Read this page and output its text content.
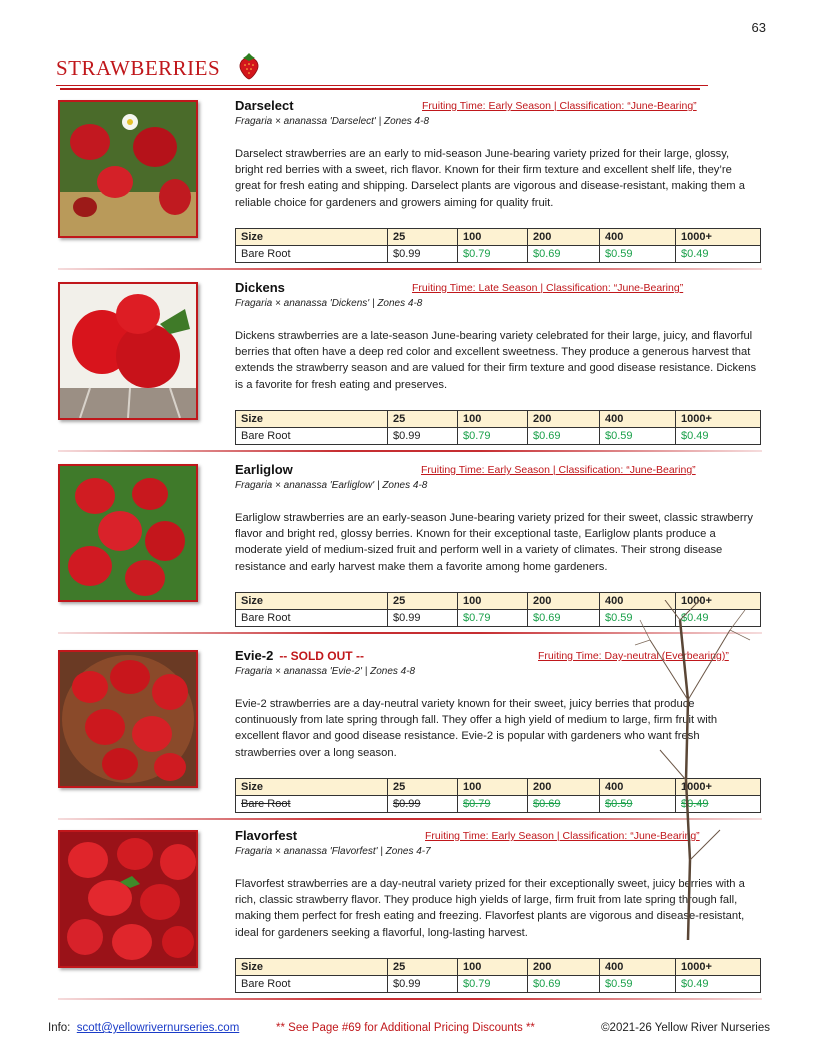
63
STRAWBERRIES
Darselect	Fruiting Time: Early Season | Classification: “June-Bearing”
Fragaria × ananassa 'Darselect' | Zones 4-8
Darselect strawberries are an early to mid-season June-bearing variety prized for their large, glossy, bright red berries with a sweet, rich flavor. Known for their firm texture and excellent shelf life, they’re great for fresh eating and shipping. Darselect plants are vigorous and disease-resistant, making them a reliable choice for gardeners and growers aiming for quality fruit.
Size	25	100	200	400	1000+
Bare Root	$0.99	$0.79	$0.69	$0.59	$0.49
Dickens	Fruiting Time: Late Season | Classification: “June-Bearing”
Fragaria × ananassa 'Dickens' | Zones 4-8
Dickens strawberries are a late-season June-bearing variety celebrated for their large, juicy, and flavorful berries that often have a deep red color and excellent sweetness. They produce a generous harvest that extends the strawberry season and are valued for their firm texture and good disease resistance. Dickens is a favorite for fresh eating and preserves.
Size	25	100	200	400	1000+
Bare Root	$0.99	$0.79	$0.69	$0.59	$0.49
Earliglow	Fruiting Time: Early Season | Classification: “June-Bearing”
Fragaria × ananassa 'Earliglow' | Zones 4-8
Earliglow strawberries are an early-season June-bearing variety prized for their sweet, classic strawberry flavor and bright red, glossy berries. Known for their exceptional taste, Earliglow plants produce a moderate yield of medium-sized fruit and perform well in a variety of climates. Their strong disease resistance and early harvest make them a favorite among home gardeners.
Size	25	100	200	400	1000+
Bare Root	$0.99	$0.79	$0.69	$0.59	$0.49
Evie-2 -- SOLD OUT --	Fruiting Time: Day-neutral (Everbearing)”
Fragaria × ananassa 'Evie-2' | Zones 4-8
Evie-2 strawberries are a day-neutral variety known for their sweet, juicy berries that produce continuously from late spring through fall. They offer a high yield of medium to large, firm fruit with excellent flavor and good disease resistance. Evie-2 is popular with gardeners who want fresh strawberries over a long season.
Size	25	100	200	400	1000+
Bare Root	$0.99	$0.79	$0.69	$0.59	$0.49
Flavorfest	Fruiting Time: Early Season | Classification: “June-Bearing”
Fragaria × ananassa 'Flavorfest' | Zones 4-7
Flavorfest strawberries are a day-neutral variety prized for their exceptionally sweet, juicy berries with a rich, classic strawberry flavor. They produce high yields of large, firm fruit from late spring through fall, making them perfect for fresh eating and freezing. Flavorfest plants are vigorous and disease-resistant, ideal for gardeners seeking a flavorful, long-lasting harvest.
Size	25	100	200	400	1000+
Bare Root	$0.99	$0.79	$0.69	$0.59	$0.49
Info: scott@yellowrivernurseries.com	** See Page #69 for Additional Pricing Discounts **	©2021-26 Yellow River Nurseries
